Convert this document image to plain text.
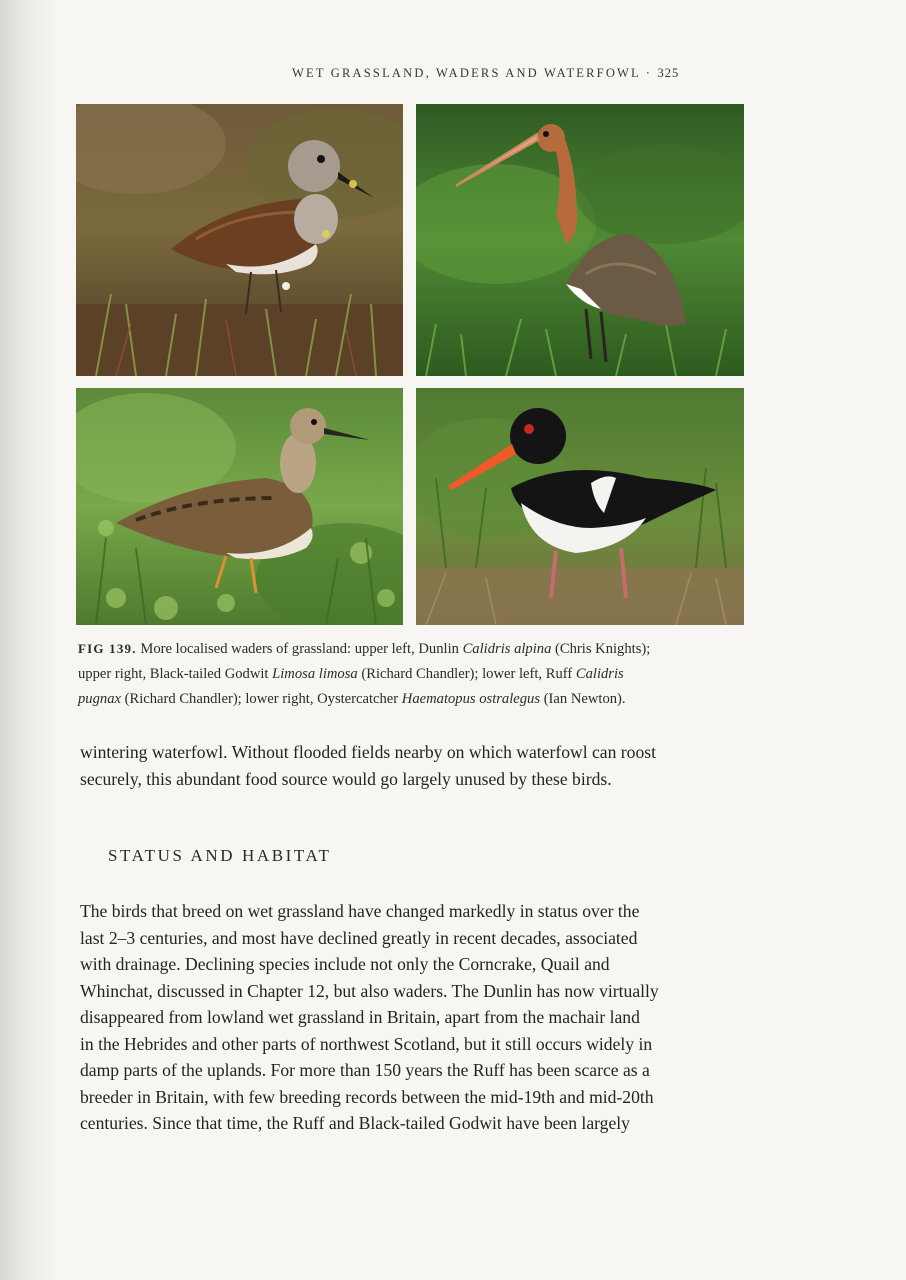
WET GRASSLAND, WADERS AND WATERFOWL · 325
FIG 139. More localised waders of grassland: upper left, Dunlin Calidris alpina (Chris Knights);
upper right, Black-tailed Godwit Limosa limosa (Richard Chandler); lower left, Ruff Calidris
pugnax (Richard Chandler); lower right, Oystercatcher Haematopus ostralegus (Ian Newton).
wintering waterfowl. Without flooded fields nearby on which waterfowl can roost
securely, this abundant food source would go largely unused by these birds.
STATUS AND HABITAT
The birds that breed on wet grassland have changed markedly in status over the
last 2–3 centuries, and most have declined greatly in recent decades, associated
with drainage. Declining species include not only the Corncrake, Quail and
Whinchat, discussed in Chapter 12, but also waders. The Dunlin has now virtually
disappeared from lowland wet grassland in Britain, apart from the machair land
in the Hebrides and other parts of northwest Scotland, but it still occurs widely in
damp parts of the uplands. For more than 150 years the Ruff has been scarce as a
breeder in Britain, with few breeding records between the mid-19th and mid-20th
centuries. Since that time, the Ruff and Black-tailed Godwit have been largely
